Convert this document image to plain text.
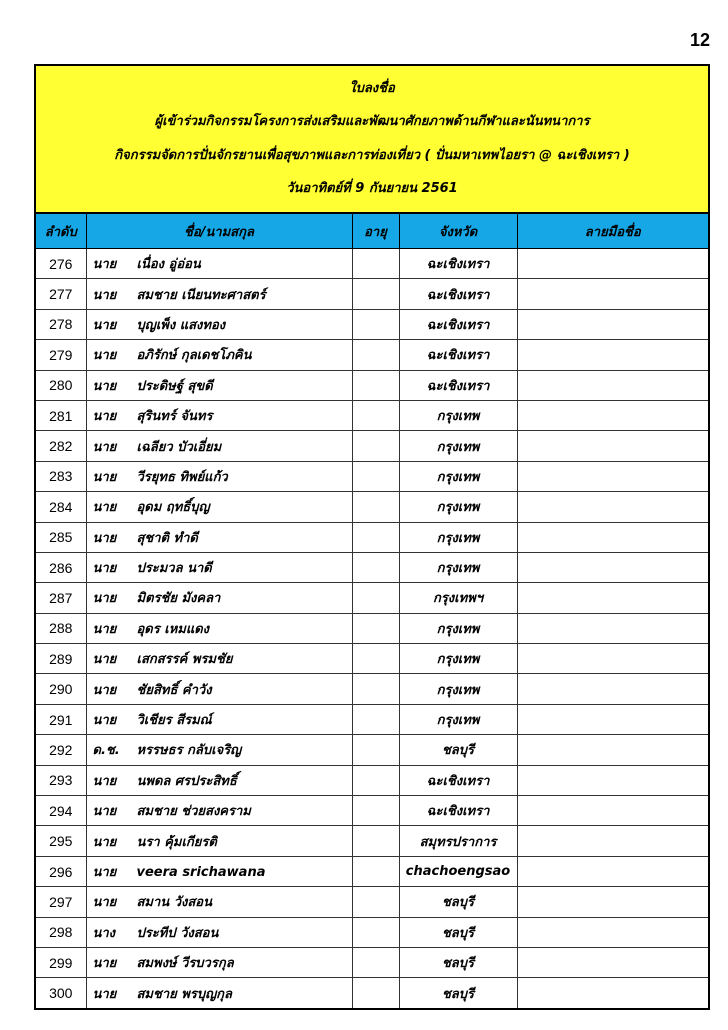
12
ใบลงชื่อ
ผู้เข้าร่วมกิจกรรมโครงการส่งเสริมและพัฒนาศักยภาพด้านกีฬาและนันทนาการ
กิจกรรมจัดการปั่นจักรยานเพื่อสุขภาพและการท่องเที่ยว ( ปั่นมหาเทพไอยรา @ ฉะเชิงเทรา )
วันอาทิตย์ที่ 9 กันยายน 2561
ลำดับ	ชื่อ/นามสกุล	อายุ	จังหวัด	ลายมือชื่อ
276	นาย เนื่อง อู่อ่อน		ฉะเชิงเทรา	
277	นาย สมชาย เนียนทะศาสตร์		ฉะเชิงเทรา	
278	นาย บุญเพ็ง แสงทอง		ฉะเชิงเทรา	
279	นาย อภิรักษ์ กุลเดชโภคิน		ฉะเชิงเทรา	
280	นาย ประดิษฐ์ สุขดี		ฉะเชิงเทรา	
281	นาย สุรินทร์ จันทร		กรุงเทพ	
282	นาย เฉลียว บัวเอี่ยม		กรุงเทพ	
283	นาย วีรยุทธ ทิพย์แก้ว		กรุงเทพ	
284	นาย อุดม ฤทธิ์บุญ		กรุงเทพ	
285	นาย สุชาติ ทำดี		กรุงเทพ	
286	นาย ประมวล นาดี		กรุงเทพ	
287	นาย มิตรชัย มังคลา		กรุงเทพฯ	
288	นาย อุดร เหมแดง		กรุงเทพ	
289	นาย เสกสรรค์ พรมชัย		กรุงเทพ	
290	นาย ชัยสิทธิ์ คำวัง		กรุงเทพ	
291	นาย วิเชียร สีรมณ์		กรุงเทพ	
292	ด.ช. หรรษธร กลับเจริญ		ชลบุรี	
293	นาย นพดล ศรประสิทธิ์		ฉะเชิงเทรา	
294	นาย สมชาย ช่วยสงคราม		ฉะเชิงเทรา	
295	นาย นรา คุ้มเกียรติ		สมุทรปราการ	
296	นาย veera srichawana		chachoengsao	
297	นาย สมาน วังสอน		ชลบุรี	
298	นาง ประทีป วังสอน		ชลบุรี	
299	นาย สมพงษ์ วีรบวรกุล		ชลบุรี	
300	นาย สมชาย พรบุญกุล		ชลบุรี	
